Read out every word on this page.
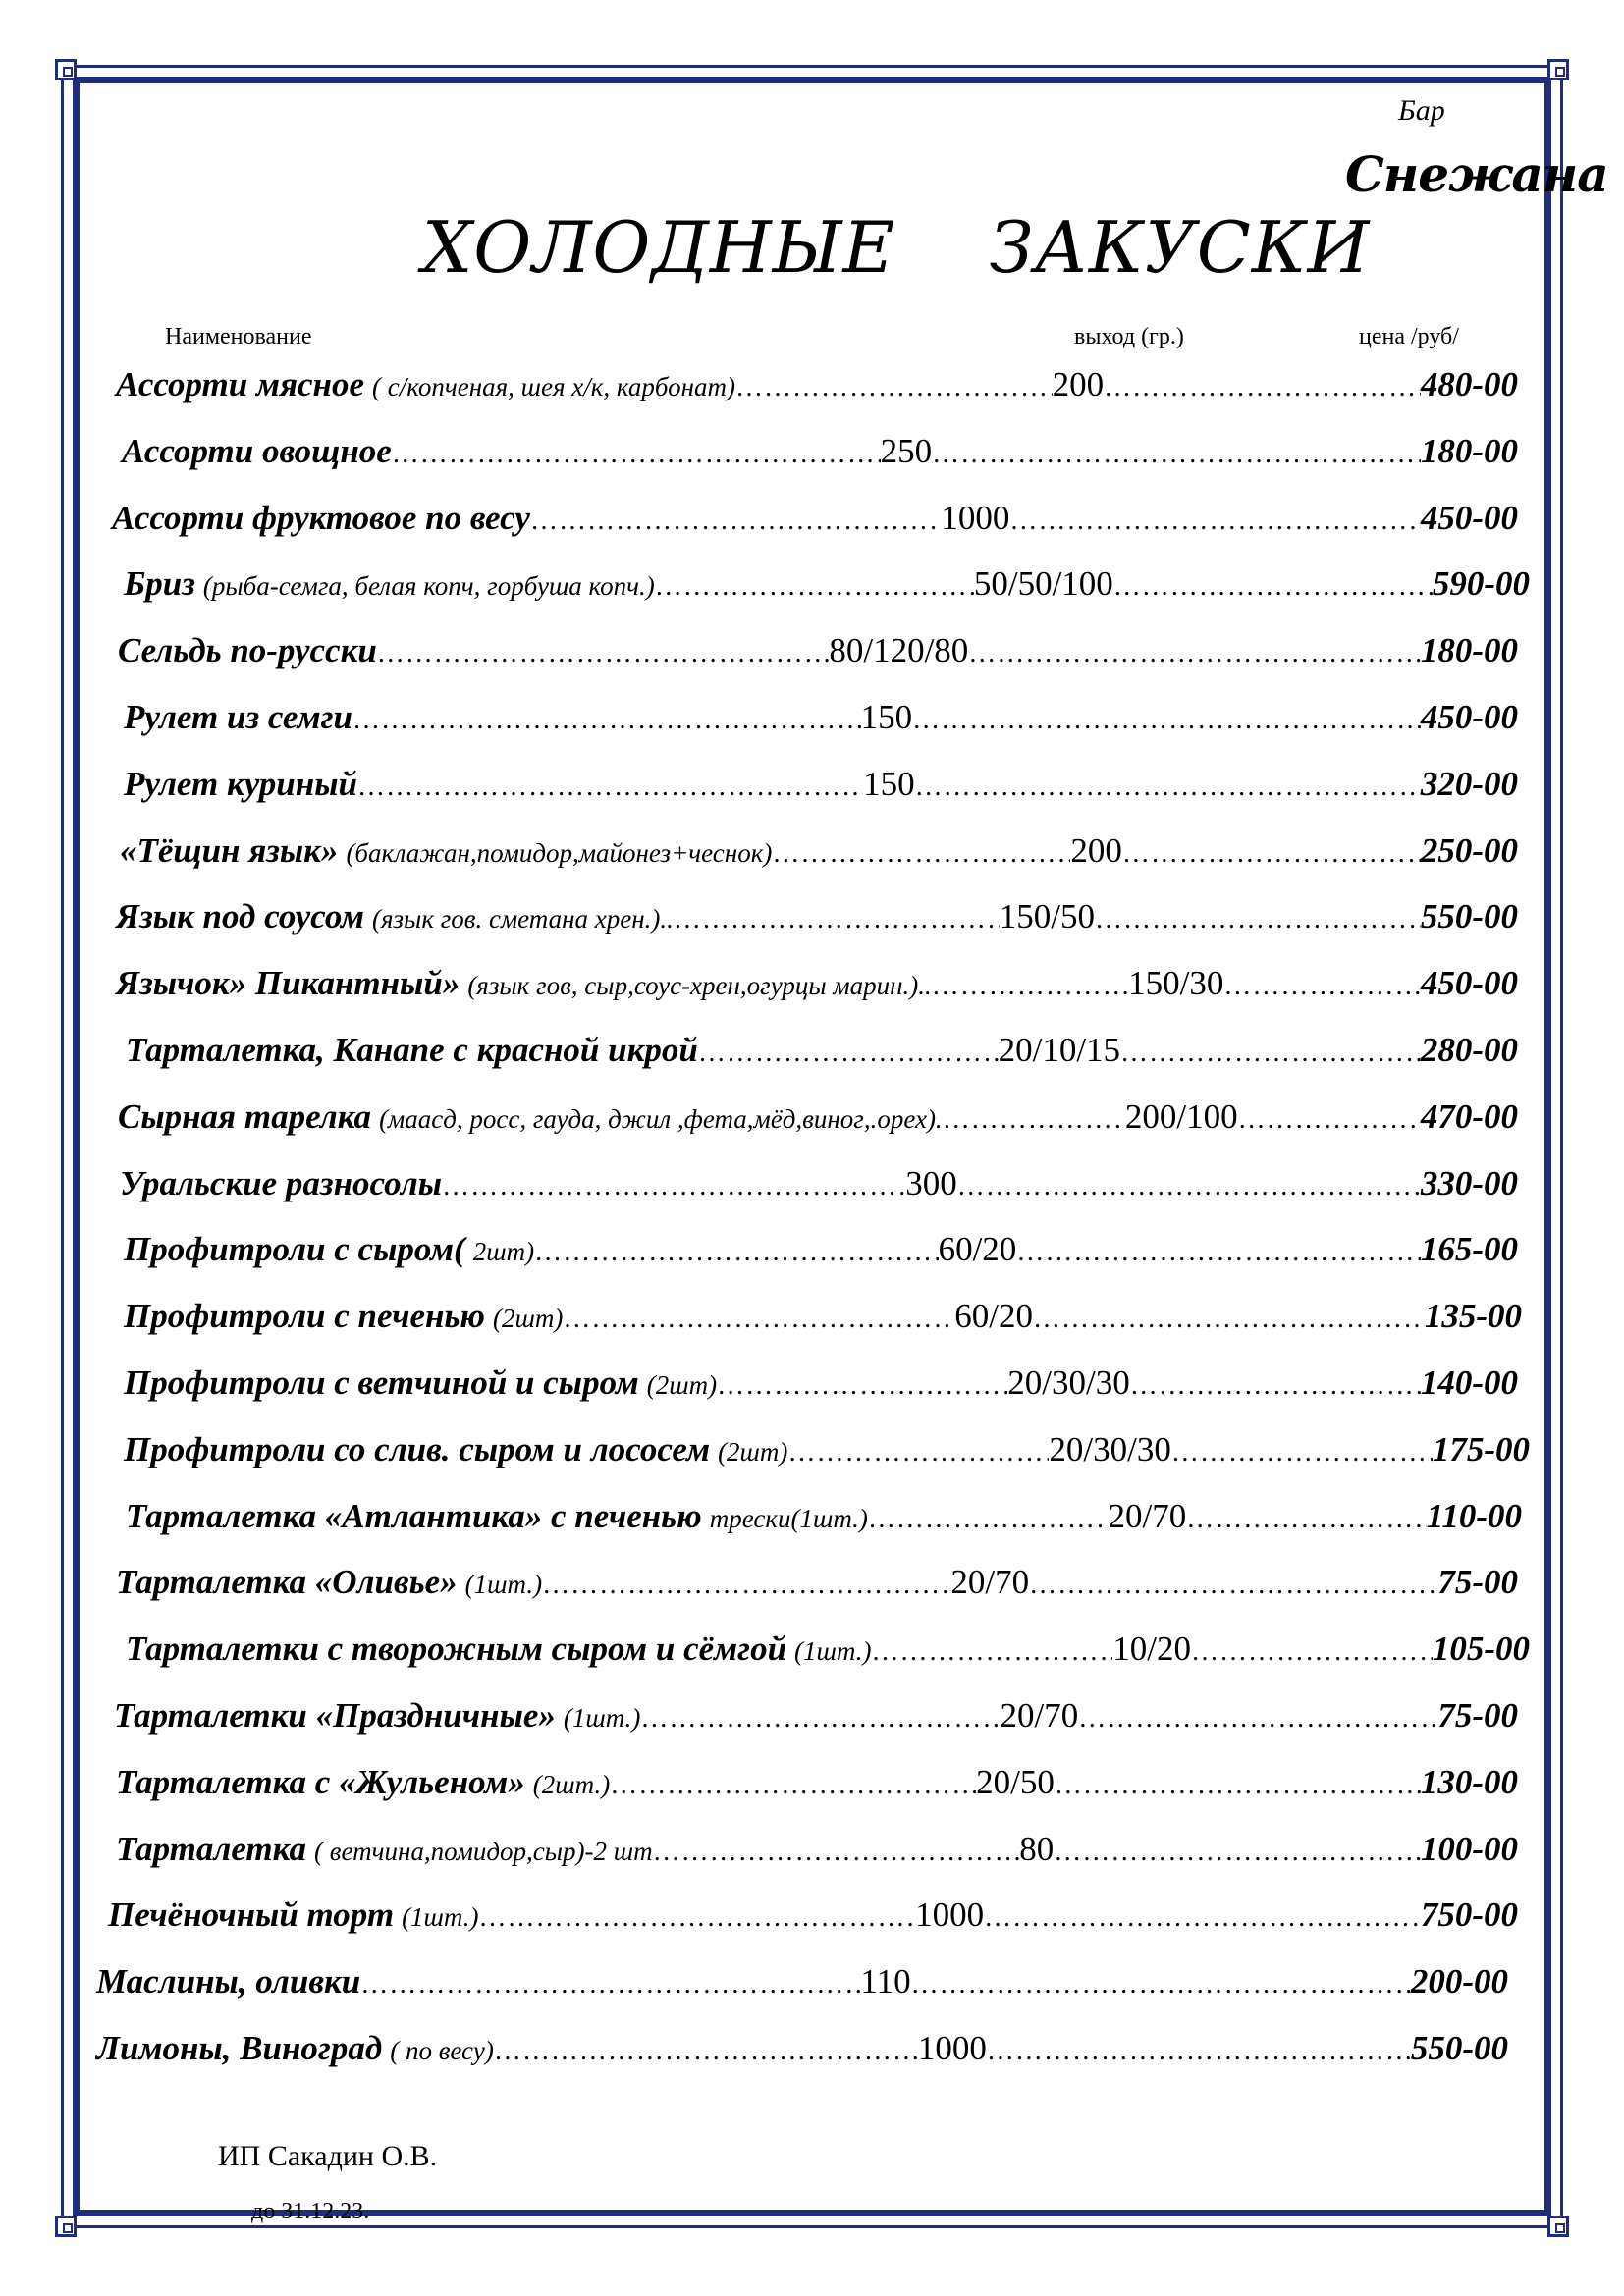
Бар
Снежана
ХОЛОДНЫЕ    ЗАКУСКИ
Наименование	выход (гр.)	цена /руб/
Ассорти мясное ( с/копченая, шея х/к, карбонат) …………………………………………………………………………………………………………………………………………………………	200 …………………………………………………………………………………………………………………………………………………………	480-00
Ассорти овощное …………………………………………………………………………………………………………………………………………………………	250 …………………………………………………………………………………………………………………………………………………………	180-00
Ассорти фруктовое по весу …………………………………………………………………………………………………………………………………………………………	1000 …………………………………………………………………………………………………………………………………………………………	450-00
Бриз (рыба-семга, белая копч, горбуша копч.) …………………………………………………………………………………………………………………………………………………………	50/50/100 …………………………………………………………………………………………………………………………………………………………	590-00
Сельдь по-русски …………………………………………………………………………………………………………………………………………………………	80/120/80 …………………………………………………………………………………………………………………………………………………………	180-00
Рулет из семги …………………………………………………………………………………………………………………………………………………………	150 …………………………………………………………………………………………………………………………………………………………	450-00
Рулет куриный …………………………………………………………………………………………………………………………………………………………	150 …………………………………………………………………………………………………………………………………………………………	320-00
«Тёщин язык» (баклажан,помидор,майонез+чеснок) …………………………………………………………………………………………………………………………………………………………	200 …………………………………………………………………………………………………………………………………………………………	250-00
Язык под соусом (язык гов. сметана хрен.).. …………………………………………………………………………………………………………………………………………………………	150/50 …………………………………………………………………………………………………………………………………………………………	550-00
Язычок» Пикантный» (язык гов, сыр,соус-хрен,огурцы марин.).. …………………………………………………………………………………………………………………………………………………………	150/30 …………………………………………………………………………………………………………………………………………………………	450-00
Тарталетка, Канапе с красной икрой …………………………………………………………………………………………………………………………………………………………	20/10/15 …………………………………………………………………………………………………………………………………………………………	280-00
Сырная тарелка (маасд, росс, гауда, джил ,фета,мёд,виног,.орех). …………………………………………………………………………………………………………………………………………………………	200/100 …………………………………………………………………………………………………………………………………………………………	470-00
Уральские разносолы …………………………………………………………………………………………………………………………………………………………	300 …………………………………………………………………………………………………………………………………………………………	330-00
Профитроли с сыром( 2шт) …………………………………………………………………………………………………………………………………………………………	60/20 …………………………………………………………………………………………………………………………………………………………	165-00
Профитроли с печенью (2шт) …………………………………………………………………………………………………………………………………………………………	60/20 …………………………………………………………………………………………………………………………………………………………	135-00
Профитроли с ветчиной и сыром (2шт) …………………………………………………………………………………………………………………………………………………………	20/30/30 …………………………………………………………………………………………………………………………………………………………	140-00
Профитроли со слив. сыром и лососем (2шт) …………………………………………………………………………………………………………………………………………………………	20/30/30 …………………………………………………………………………………………………………………………………………………………	175-00
Тарталетка «Атлантика» с печенью трески(1шт.) …………………………………………………………………………………………………………………………………………………………	20/70 …………………………………………………………………………………………………………………………………………………………	110-00
Тарталетка «Оливье» (1шт.) …………………………………………………………………………………………………………………………………………………………	20/70 …………………………………………………………………………………………………………………………………………………………	75-00
Тарталетки с творожным сыром и сёмгой (1шт.) …………………………………………………………………………………………………………………………………………………………	10/20 …………………………………………………………………………………………………………………………………………………………	105-00
Тарталетки «Праздничные» (1шт.) …………………………………………………………………………………………………………………………………………………………	20/70 …………………………………………………………………………………………………………………………………………………………	75-00
Тарталетка с «Жульеном» (2шт.) …………………………………………………………………………………………………………………………………………………………	20/50 …………………………………………………………………………………………………………………………………………………………	130-00
Тарталетка ( ветчина,помидор,сыр)-2 шт …………………………………………………………………………………………………………………………………………………………	80 …………………………………………………………………………………………………………………………………………………………	100-00
Печёночный торт (1шт.) …………………………………………………………………………………………………………………………………………………………	1000 …………………………………………………………………………………………………………………………………………………………	750-00
Маслины, оливки …………………………………………………………………………………………………………………………………………………………	110 …………………………………………………………………………………………………………………………………………………………	200-00
Лимоны, Виноград ( по весу) …………………………………………………………………………………………………………………………………………………………	1000 …………………………………………………………………………………………………………………………………………………………	550-00
ИП Сакадин О.В.
до 31.12.23.
